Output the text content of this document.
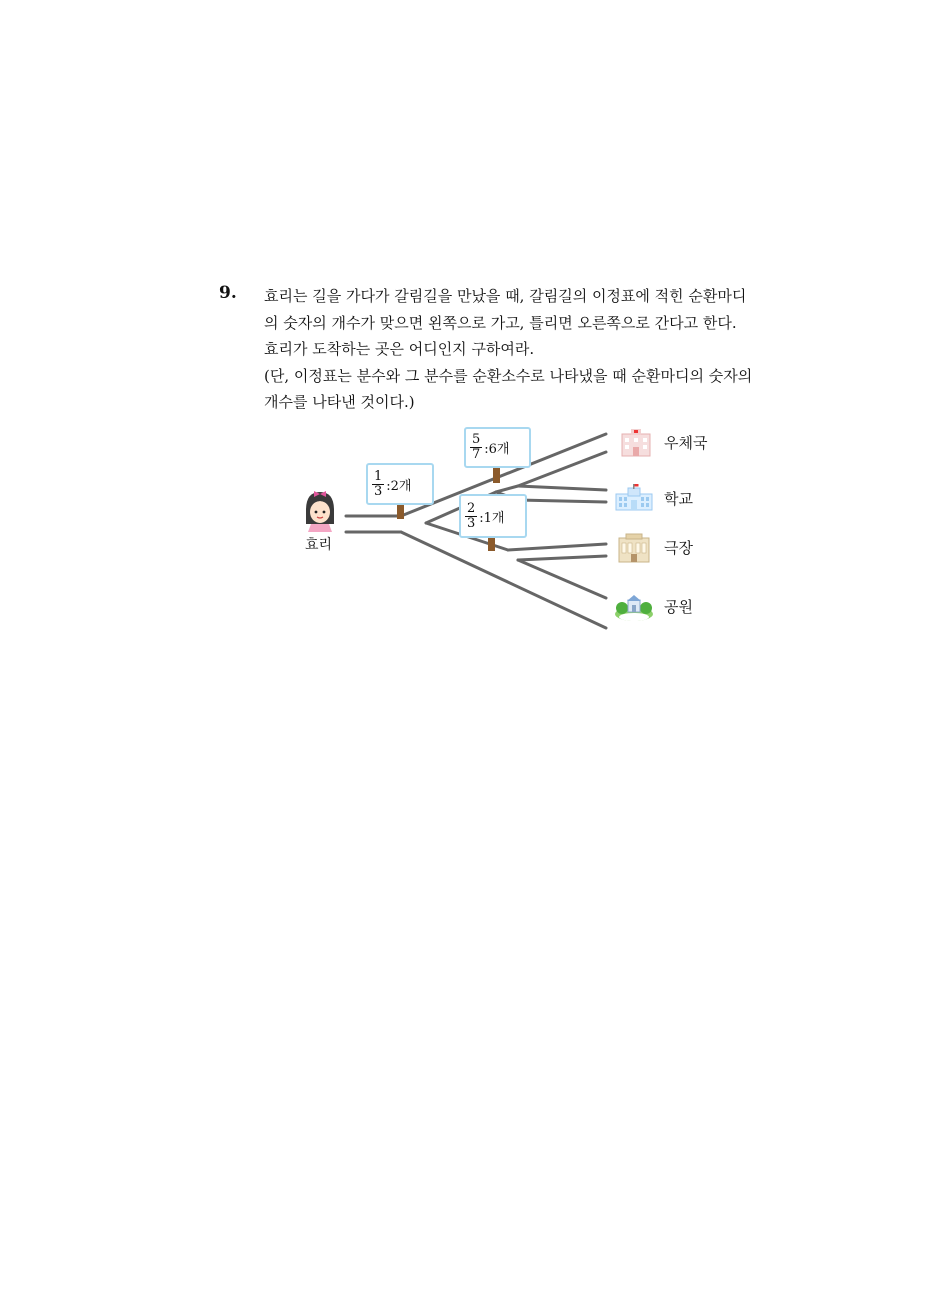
9. 효리는 길을 가다가 갈림길을 만났을 때, 갈림길의 이정표에 적힌 순환마디
의 숫자의 개수가 맞으면 왼쪽으로 가고, 틀리면 오른쪽으로 간다고 한다.
효리가 도착하는 곳은 어디인지 구하여라.
(단, 이정표는 분수와 그 분수를 순환소수로 나타냈을 때 순환마디의 숫자의
개수를 나타낸 것이다.)
효리
$\frac{1}{3}$ :2개
$\frac{5}{7}$ :6개
$\frac{2}{3}$ :1개
우체국
학교
극장
공원
